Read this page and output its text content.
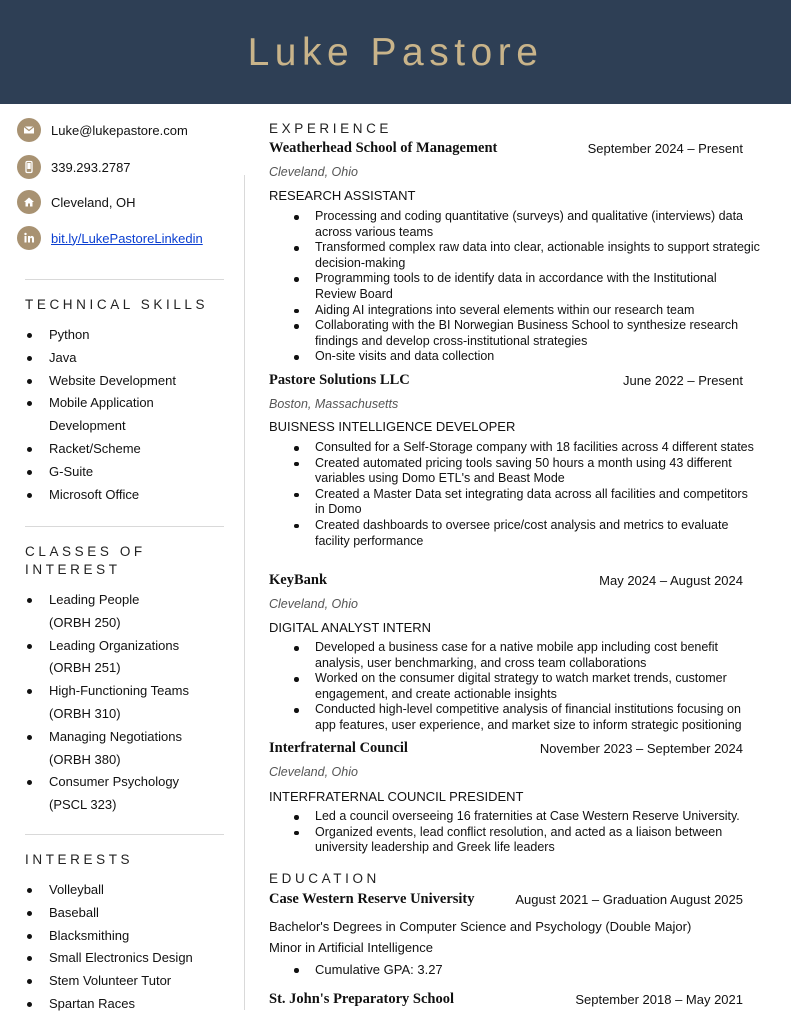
Luke Pastore
Luke@lukepastore.com
339.293.2787
Cleveland, OH
bit.ly/LukePastoreLinkedin
TECHNICAL SKILLS
Python
Java
Website Development
Mobile Application
Development
Racket/Scheme
G-Suite
Microsoft Office
CLASSES OF
INTEREST
Leading People
(ORBH 250)
Leading Organizations
(ORBH 251)
High-Functioning Teams
(ORBH 310)
Managing Negotiations
(ORBH 380)
Consumer Psychology
(PSCL 323)
INTERESTS
Volleyball
Baseball
Blacksmithing
Small Electronics Design
Stem Volunteer Tutor
Spartan Races
EXPERIENCE
Weatherhead School of Management	September 2024 – Present
Cleveland, Ohio
RESEARCH ASSISTANT
Processing and coding quantitative (surveys) and qualitative (interviews) data across various teams
Transformed complex raw data into clear, actionable insights to support strategic decision-making
Programming tools to de identify data in accordance with the Institutional Review Board
Aiding AI integrations into several elements within our research team
Collaborating with the BI Norwegian Business School to synthesize research findings and develop cross-institutional strategies
On-site visits and data collection
Pastore Solutions LLC	June 2022 – Present
Boston, Massachusetts
BUISNESS INTELLIGENCE DEVELOPER
Consulted for a Self-Storage company with 18 facilities across 4 different states
Created automated pricing tools saving 50 hours a month using 43 different variables using Domo ETL's and Beast Mode
Created a Master Data set integrating data across all facilities and competitors in Domo
Created dashboards to oversee price/cost analysis and metrics to evaluate facility performance
KeyBank	May 2024 – August 2024
Cleveland, Ohio
DIGITAL ANALYST INTERN
Developed a business case for a native mobile app including cost benefit analysis, user benchmarking, and cross team collaborations
Worked on the consumer digital strategy to watch market trends, customer engagement, and create actionable insights
Conducted high-level competitive analysis of financial institutions focusing on app features, user experience, and market size to inform strategic positioning
Interfraternal Council	November 2023 – September 2024
Cleveland, Ohio
INTERFRATERNAL COUNCIL PRESIDENT
Led a council overseeing 16 fraternities at Case Western Reserve University.
Organized events, lead conflict resolution, and acted as a liaison between university leadership and Greek life leaders
EDUCATION
Case Western Reserve University	August 2021 – Graduation August 2025
Bachelor's Degrees in Computer Science and Psychology (Double Major)
Minor in Artificial Intelligence
Cumulative GPA: 3.27
St. John's Preparatory School	September 2018 – May 2021
